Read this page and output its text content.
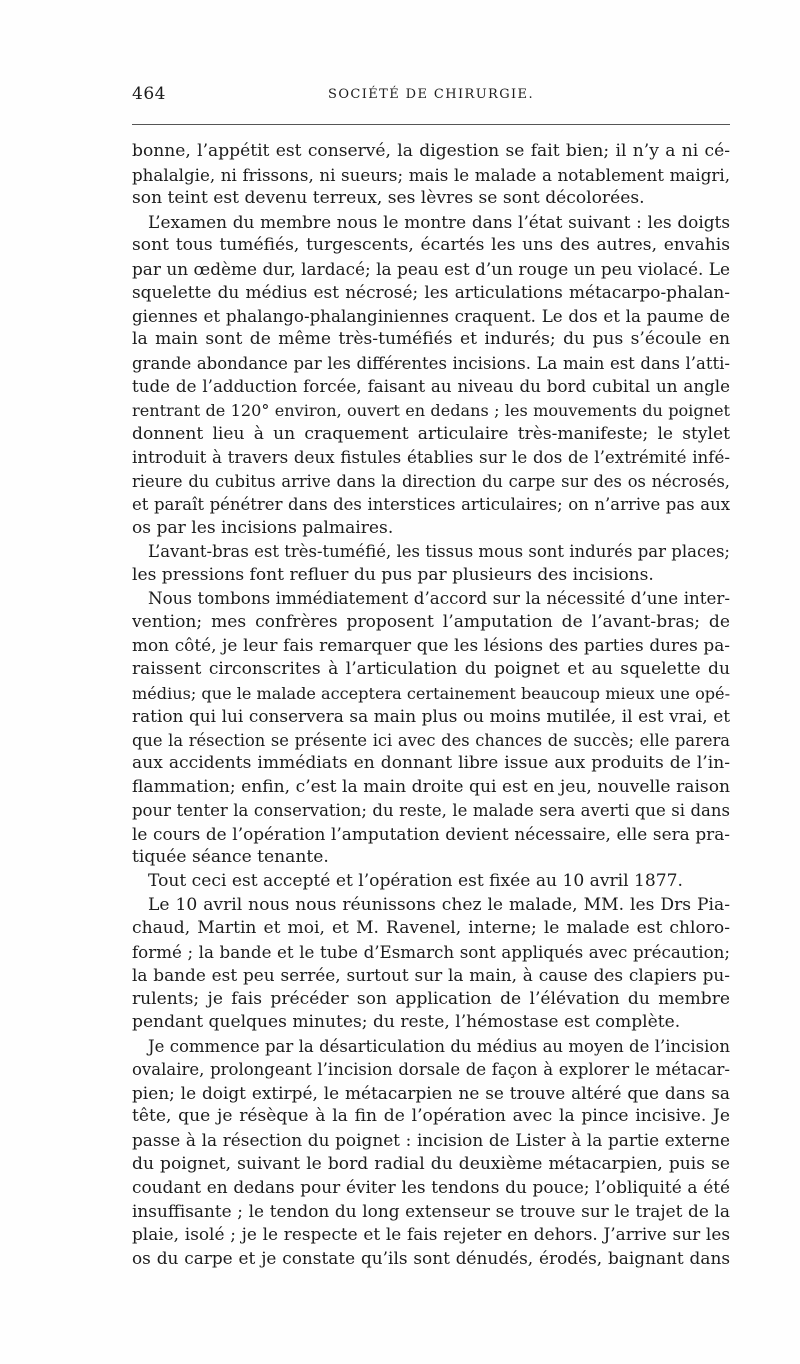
464	SOCIÉTÉ DE CHIRURGIE.
bonne, l’appétit est conservé, la digestion se fait bien; il n’y a ni cé-
phalalgie, ni frissons, ni sueurs; mais le malade a notablement maigri,
son teint est devenu terreux, ses lèvres se sont décolorées.
L’examen du membre nous le montre dans l’état suivant : les doigts
sont tous tuméfiés, turgescents, écartés les uns des autres, envahis
par un œdème dur, lardacé; la peau est d’un rouge un peu violacé. Le
squelette du médius est nécrosé; les articulations métacarpo-phalan-
giennes et phalango-phalanginiennes craquent. Le dos et la paume de
la main sont de même très-tuméfiés et indurés; du pus s’écoule en
grande abondance par les différentes incisions. La main est dans l’atti-
tude de l’adduction forcée, faisant au niveau du bord cubital un angle
rentrant de 120° environ, ouvert en dedans ; les mouvements du poignet
donnent lieu à un craquement articulaire très-manifeste; le stylet
introduit à travers deux fistules établies sur le dos de l’extrémité infé-
rieure du cubitus arrive dans la direction du carpe sur des os nécrosés,
et paraît pénétrer dans des interstices articulaires; on n’arrive pas aux
os par les incisions palmaires.
L’avant-bras est très-tuméfié, les tissus mous sont indurés par places;
les pressions font refluer du pus par plusieurs des incisions.
Nous tombons immédiatement d’accord sur la nécessité d’une inter-
vention; mes confrères proposent l’amputation de l’avant-bras; de
mon côté, je leur fais remarquer que les lésions des parties dures pa-
raissent circonscrites à l’articulation du poignet et au squelette du
médius; que le malade acceptera certainement beaucoup mieux une opé-
ration qui lui conservera sa main plus ou moins mutilée, il est vrai, et
que la résection se présente ici avec des chances de succès; elle parera
aux accidents immédiats en donnant libre issue aux produits de l’in-
flammation; enfin, c’est la main droite qui est en jeu, nouvelle raison
pour tenter la conservation; du reste, le malade sera averti que si dans
le cours de l’opération l’amputation devient nécessaire, elle sera pra-
tiquée séance tenante.
Tout ceci est accepté et l’opération est fixée au 10 avril 1877.
Le 10 avril nous nous réunissons chez le malade, MM. les Drs Pia-
chaud, Martin et moi, et M. Ravenel, interne; le malade est chloro-
formé ; la bande et le tube d’Esmarch sont appliqués avec précaution;
la bande est peu serrée, surtout sur la main, à cause des clapiers pu-
rulents; je fais précéder son application de l’élévation du membre
pendant quelques minutes; du reste, l’hémostase est complète.
Je commence par la désarticulation du médius au moyen de l’incision
ovalaire, prolongeant l’incision dorsale de façon à explorer le métacar-
pien; le doigt extirpé, le métacarpien ne se trouve altéré que dans sa
tête, que je résèque à la fin de l’opération avec la pince incisive. Je
passe à la résection du poignet : incision de Lister à la partie externe
du poignet, suivant le bord radial du deuxième métacarpien, puis se
coudant en dedans pour éviter les tendons du pouce; l’obliquité a été
insuffisante ; le tendon du long extenseur se trouve sur le trajet de la
plaie, isolé ; je le respecte et le fais rejeter en dehors. J’arrive sur les
os du carpe et je constate qu’ils sont dénudés, érodés, baignant dans
